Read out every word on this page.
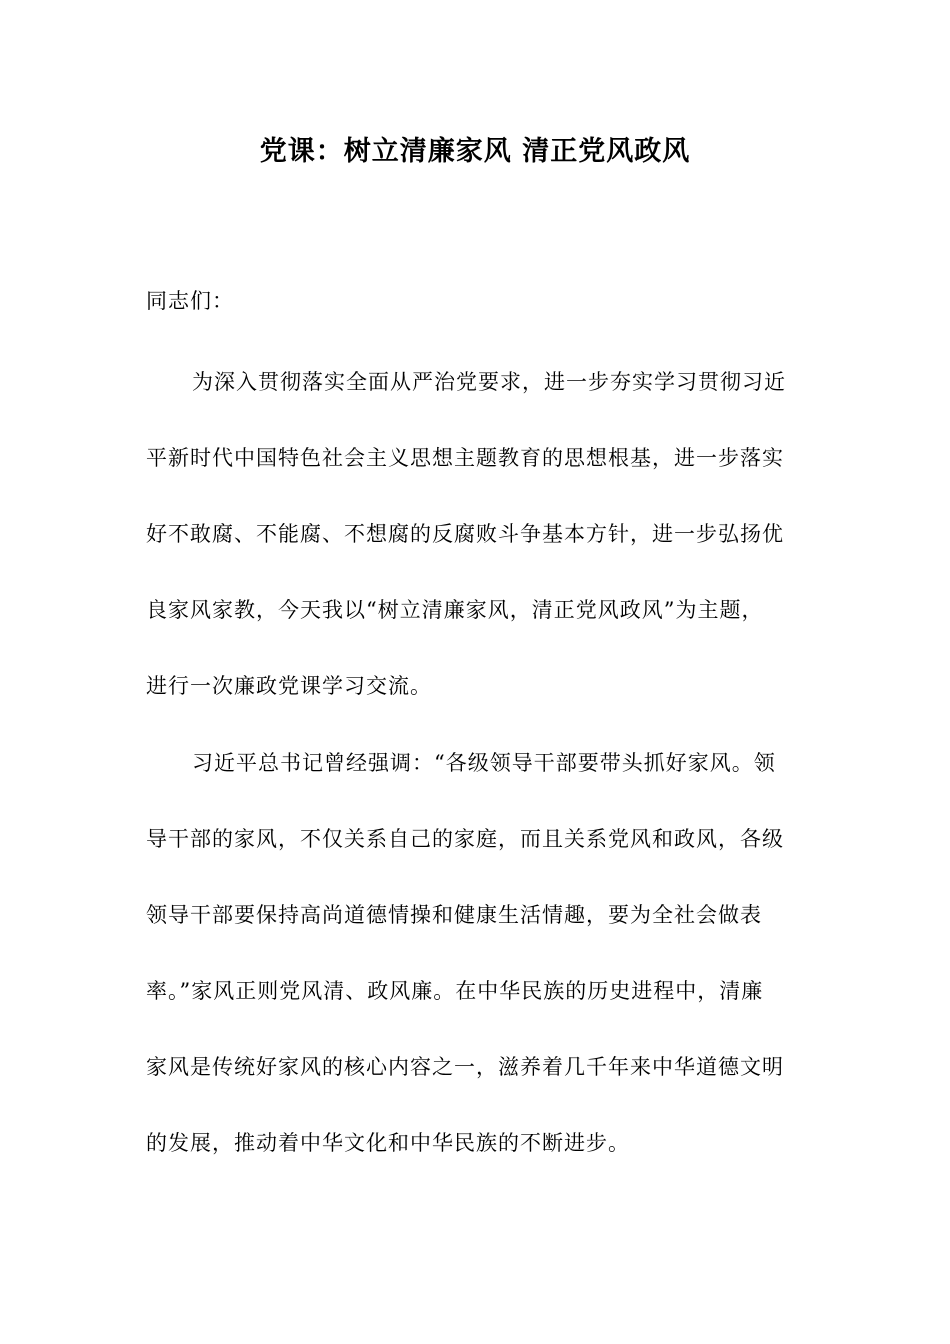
党课：树立清廉家风 清正党风政风
同志们：
为深入贯彻落实全面从严治党要求，进一步夯实学习贯彻习近
平新时代中国特色社会主义思想主题教育的思想根基，进一步落实
好不敢腐、不能腐、不想腐的反腐败斗争基本方针，进一步弘扬优
良家风家教，今天我以“树立清廉家风，清正党风政风”为主题，
进行一次廉政党课学习交流。
习近平总书记曾经强调：“各级领导干部要带头抓好家风。领
导干部的家风，不仅关系自己的家庭，而且关系党风和政风，各级
领导干部要保持高尚道德情操和健康生活情趣，要为全社会做表
率。”家风正则党风清、政风廉。在中华民族的历史进程中，清廉
家风是传统好家风的核心内容之一，滋养着几千年来中华道德文明
的发展，推动着中华文化和中华民族的不断进步。
